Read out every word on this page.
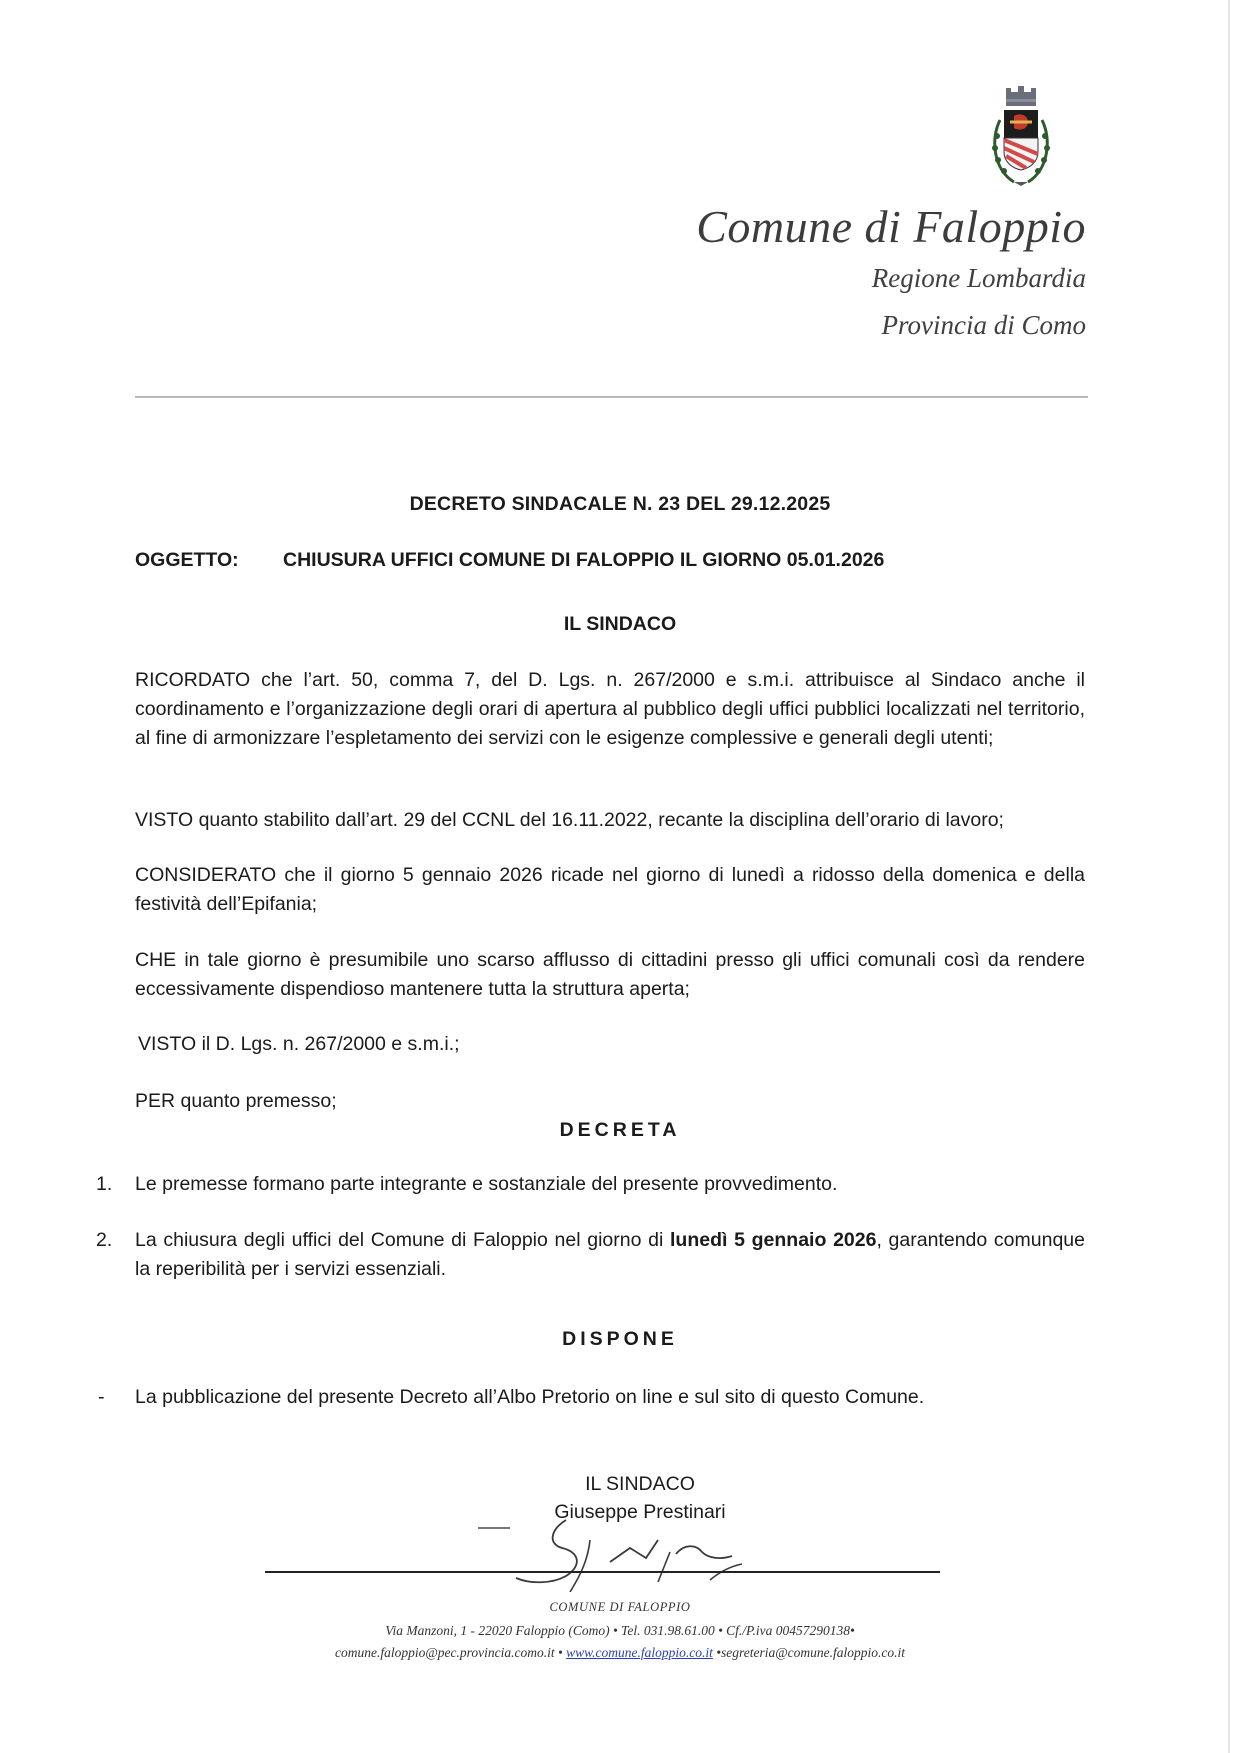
Comune di Faloppio

Regione Lombardia

Provincia di Como

DECRETO SINDACALE N. 23 DEL 29.12.2025

OGGETTO: CHIUSURA UFFICI COMUNE DI FALOPPIO IL GIORNO 05.01.2026

IL SINDACO

RICORDATO che l’art. 50, comma 7, del D. Lgs. n. 267/2000 e s.m.i. attribuisce al Sindaco anche il coordinamento e l’organizzazione degli orari di apertura al pubblico degli uffici pubblici localizzati nel territorio, al fine di armonizzare l’espletamento dei servizi con le esigenze complessive e generali degli utenti;

VISTO quanto stabilito dall’art. 29 del CCNL del 16.11.2022, recante la disciplina dell’orario di lavoro;

CONSIDERATO che il giorno 5 gennaio 2026 ricade nel giorno di lunedì a ridosso della domenica e della festività dell’Epifania;

CHE in tale giorno è presumibile uno scarso afflusso di cittadini presso gli uffici comunali così da rendere eccessivamente dispendioso mantenere tutta la struttura aperta;

VISTO il D. Lgs. n. 267/2000 e s.m.i.;

PER quanto premesso;

DECRETA

1. Le premesse formano parte integrante e sostanziale del presente provvedimento.

2. La chiusura degli uffici del Comune di Faloppio nel giorno di lunedì 5 gennaio 2026, garantendo comunque la reperibilità per i servizi essenziali.

DISPONE

- La pubblicazione del presente Decreto all’Albo Pretorio on line e sul sito di questo Comune.

IL SINDACO

Giuseppe Prestinari

COMUNE DI FALOPPIO

Via Manzoni, 1 - 22020 Faloppio (Como) • Tel. 031.98.61.00 • Cf./P.iva 00457290138•

comune.faloppio@pec.provincia.como.it • www.comune.faloppio.co.it •segreteria@comune.faloppio.co.it
